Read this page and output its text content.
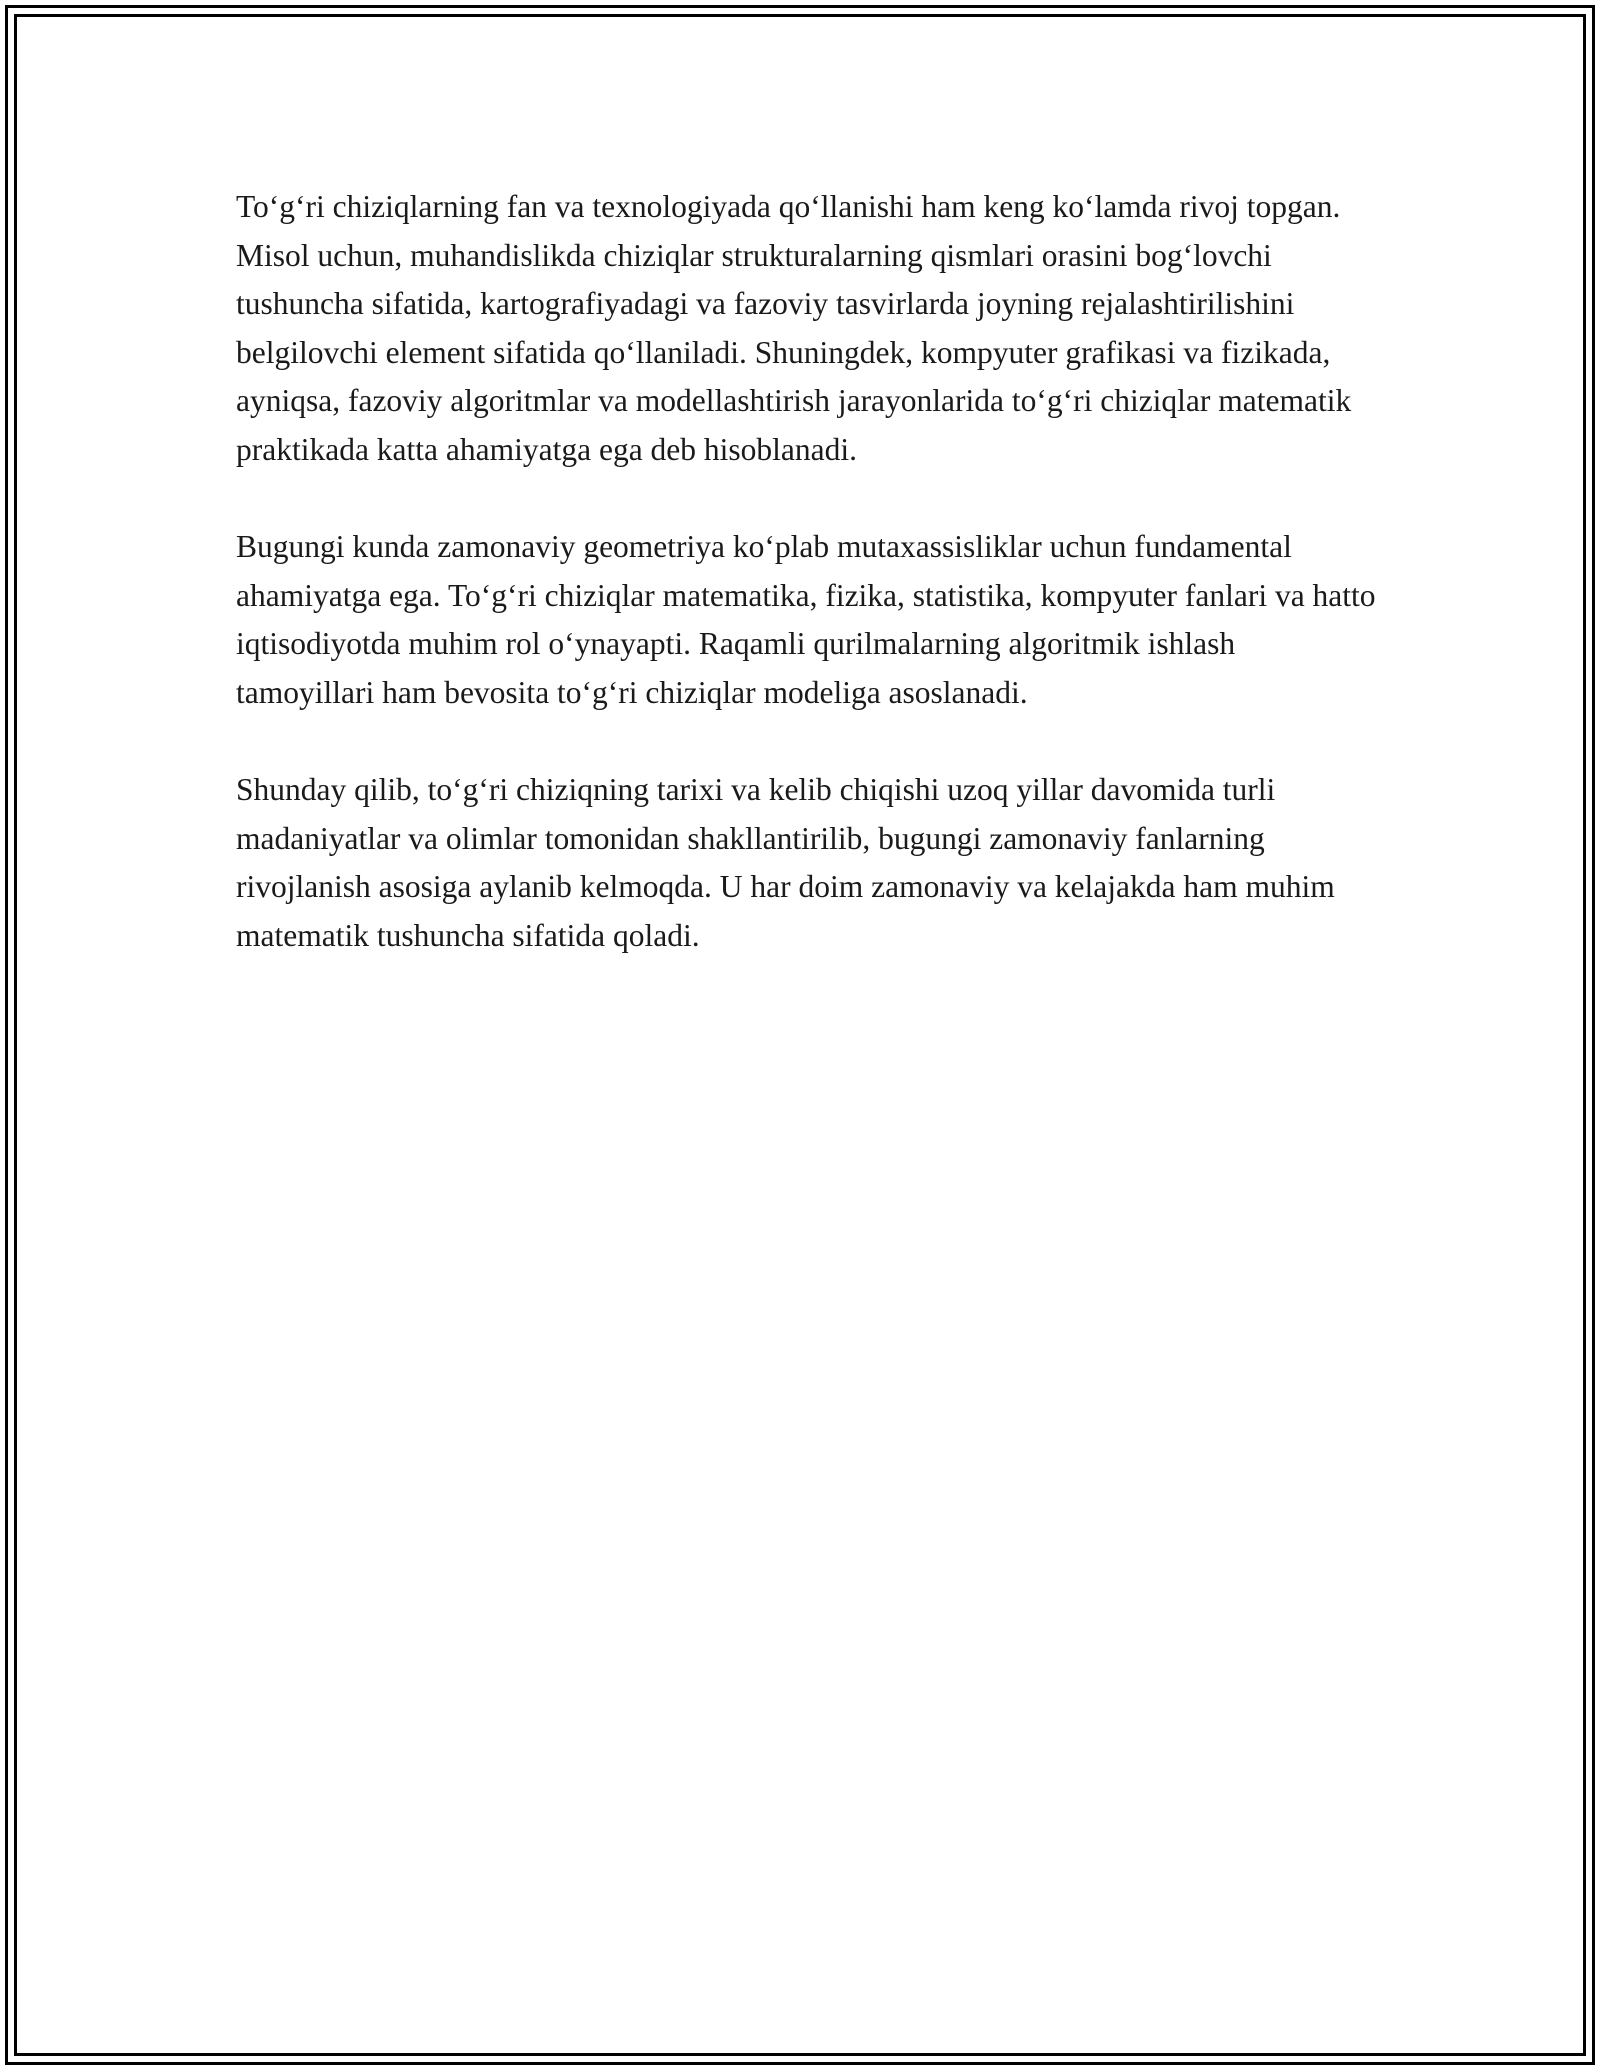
To‘g‘ri chiziqlarning fan va texnologiyada qo‘llanishi ham keng ko‘lamda rivoj topgan. Misol uchun, muhandislikda chiziqlar strukturalarning qismlari orasini bog‘lovchi tushuncha sifatida, kartografiyadagi va fazoviy tasvirlarda joyning rejalashtirilishini belgilovchi element sifatida qo‘llaniladi. Shuningdek, kompyuter grafikasi va fizikada, ayniqsa, fazoviy algoritmlar va modellashtirish jarayonlarida to‘g‘ri chiziqlar matematik praktikada katta ahamiyatga ega deb hisoblanadi.

Bugungi kunda zamonaviy geometriya ko‘plab mutaxassisliklar uchun fundamental ahamiyatga ega. To‘g‘ri chiziqlar matematika, fizika, statistika, kompyuter fanlari va hatto iqtisodiyotda muhim rol o‘ynayapti. Raqamli qurilmalarning algoritmik ishlash tamoyillari ham bevosita to‘g‘ri chiziqlar modeliga asoslanadi.

Shunday qilib, to‘g‘ri chiziqning tarixi va kelib chiqishi uzoq yillar davomida turli madaniyatlar va olimlar tomonidan shakllantirilib, bugungi zamonaviy fanlarning rivojlanish asosiga aylanib kelmoqda. U har doim zamonaviy va kelajakda ham muhim matematik tushuncha sifatida qoladi.
